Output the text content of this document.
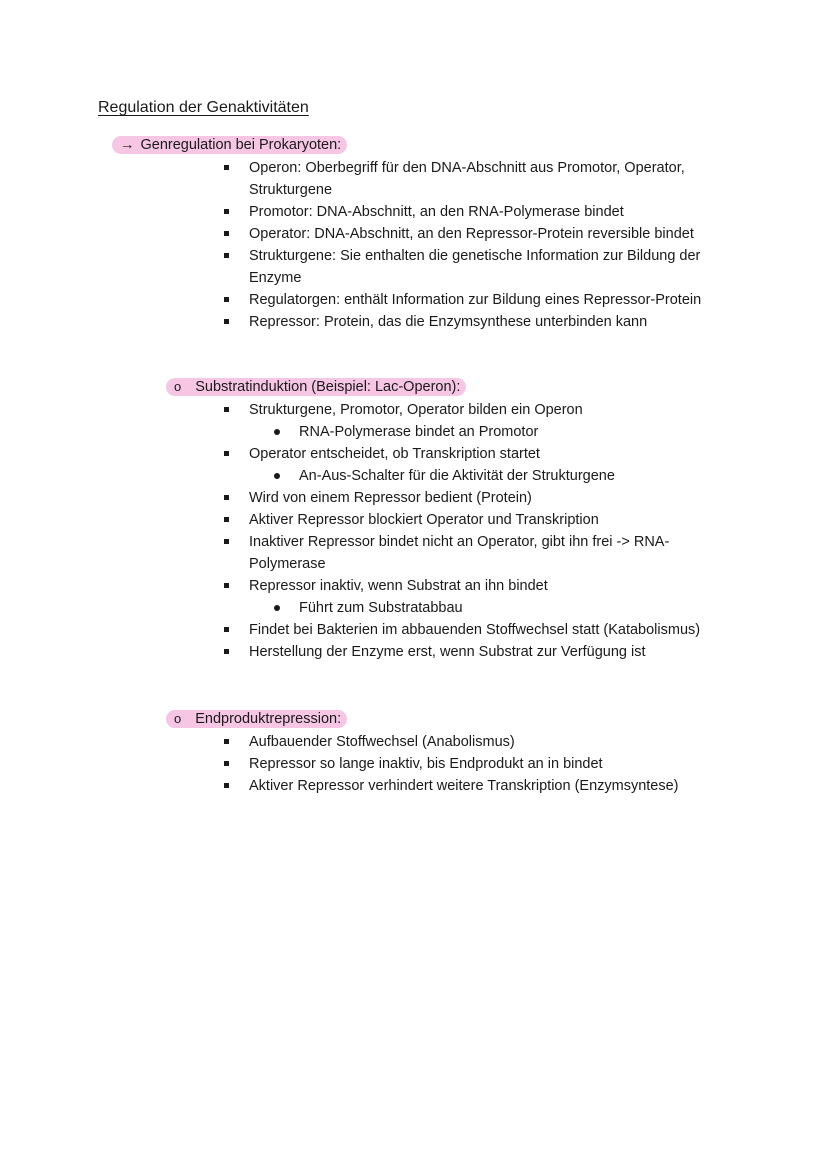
Regulation der Genaktivitäten
→ Genregulation bei Prokaryoten:
Operon: Oberbegriff für den DNA-Abschnitt aus Promotor, Operator, Strukturgene
Promotor: DNA-Abschnitt, an den RNA-Polymerase bindet
Operator: DNA-Abschnitt, an den Repressor-Protein reversible bindet
Strukturgene: Sie enthalten die genetische Information zur Bildung der Enzyme
Regulatorgen: enthält Information zur Bildung eines Repressor-Protein
Repressor: Protein, das die Enzymsynthese unterbinden kann
o Substratinduktion (Beispiel: Lac-Operon):
Strukturgene, Promotor, Operator bilden ein Operon
RNA-Polymerase bindet an Promotor
Operator entscheidet, ob Transkription startet
An-Aus-Schalter für die Aktivität der Strukturgene
Wird von einem Repressor bedient (Protein)
Aktiver Repressor blockiert Operator und Transkription
Inaktiver Repressor bindet nicht an Operator, gibt ihn frei -> RNA-Polymerase
Repressor inaktiv, wenn Substrat an ihn bindet
Führt zum Substratabbau
Findet bei Bakterien im abbauenden Stoffwechsel statt (Katabolismus)
Herstellung der Enzyme erst, wenn Substrat zur Verfügung ist
o Endproduktrepression:
Aufbauender Stoffwechsel (Anabolismus)
Repressor so lange inaktiv, bis Endprodukt an in bindet
Aktiver Repressor verhindert weitere Transkription (Enzymsyntese)
